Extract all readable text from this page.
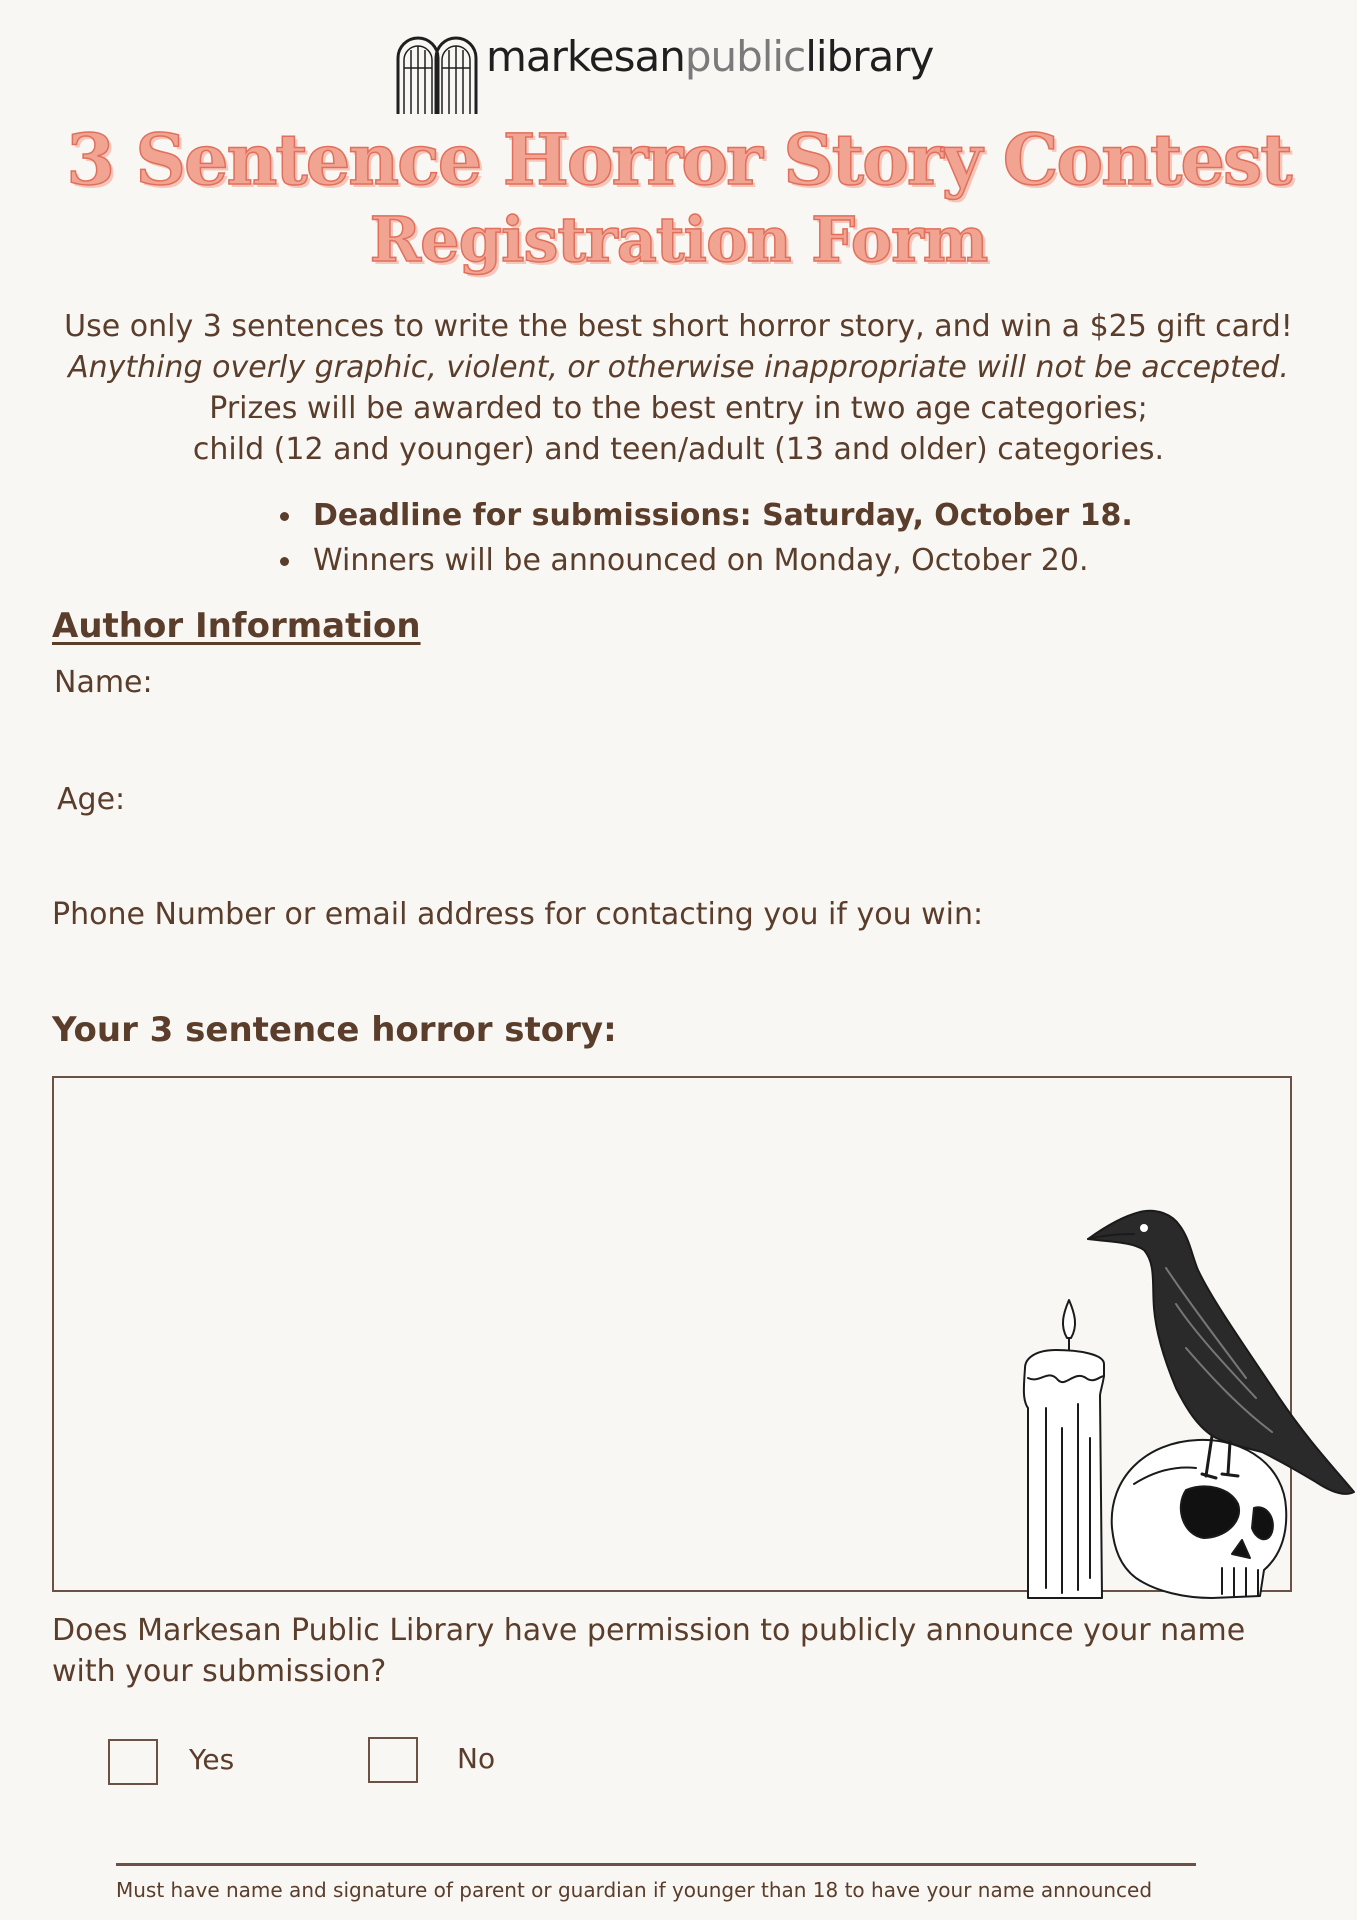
markesanpubliclibrary
3 Sentence Horror Story Contest
Registration Form

Use only 3 sentences to write the best short horror story, and win a $25 gift card!

Anything overly graphic, violent, or otherwise inappropriate will not be accepted.

Prizes will be awarded to the best entry in two age categories;

child (12 and younger) and teen/adult (13 and older) categories.

Deadline for submissions: Saturday, October 18.
Winners will be announced on Monday, October 20.
Author Information
Name:
Age:
Phone Number or email address for contacting you if you win:
Your 3 sentence horror story:
Does Markesan Public Library have permission to publicly announce your name with your submission?
Yes	No
Must have name and signature of parent or guardian if younger than 18 to have your name announced
